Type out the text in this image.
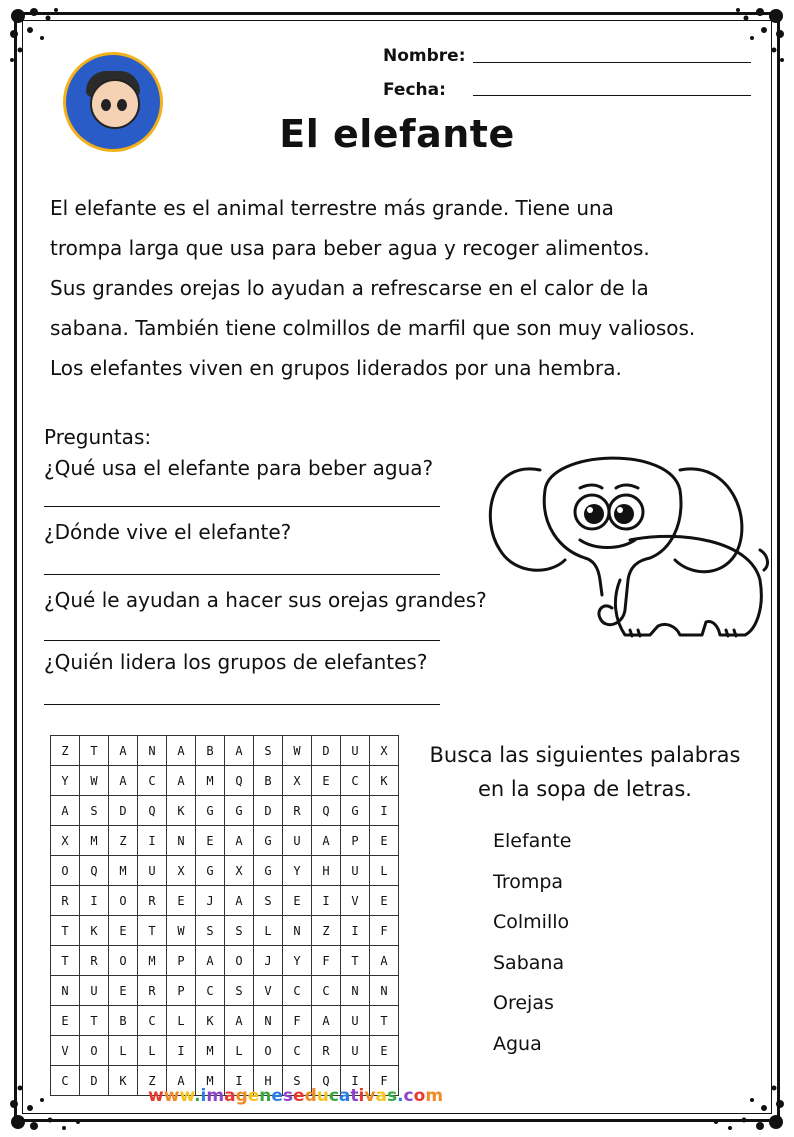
Nombre:
Fecha:
El elefante
El elefante es el animal terrestre más grande. Tiene una
trompa larga que usa para beber agua y recoger alimentos.
Sus grandes orejas lo ayudan a refrescarse en el calor de la
sabana. También tiene colmillos de marfil que son muy valiosos.
Los elefantes viven en grupos liderados por una hembra.
Preguntas:
¿Qué usa el elefante para beber agua?
¿Dónde vive el elefante?
¿Qué le ayudan a hacer sus orejas grandes?
¿Quién lidera los grupos de elefantes?
Z	T	A	N	A	B	A	S	W	D	U	X
Y	W	A	C	A	M	Q	B	X	E	C	K
A	S	D	Q	K	G	G	D	R	Q	G	I
X	M	Z	I	N	E	A	G	U	A	P	E
O	Q	M	U	X	G	X	G	Y	H	U	L
R	I	O	R	E	J	A	S	E	I	V	E
T	K	E	T	W	S	S	L	N	Z	I	F
T	R	O	M	P	A	O	J	Y	F	T	A
N	U	E	R	P	C	S	V	C	C	N	N
E	T	B	C	L	K	A	N	F	A	U	T
V	O	L	L	I	M	L	O	C	R	U	E
C	D	K	Z	A	M	I	H	S	Q	I	F
Busca las siguientes palabras
en la sopa de letras.
Elefante
Trompa
Colmillo
Sabana
Orejas
Agua
www.imageneseducativas.com
